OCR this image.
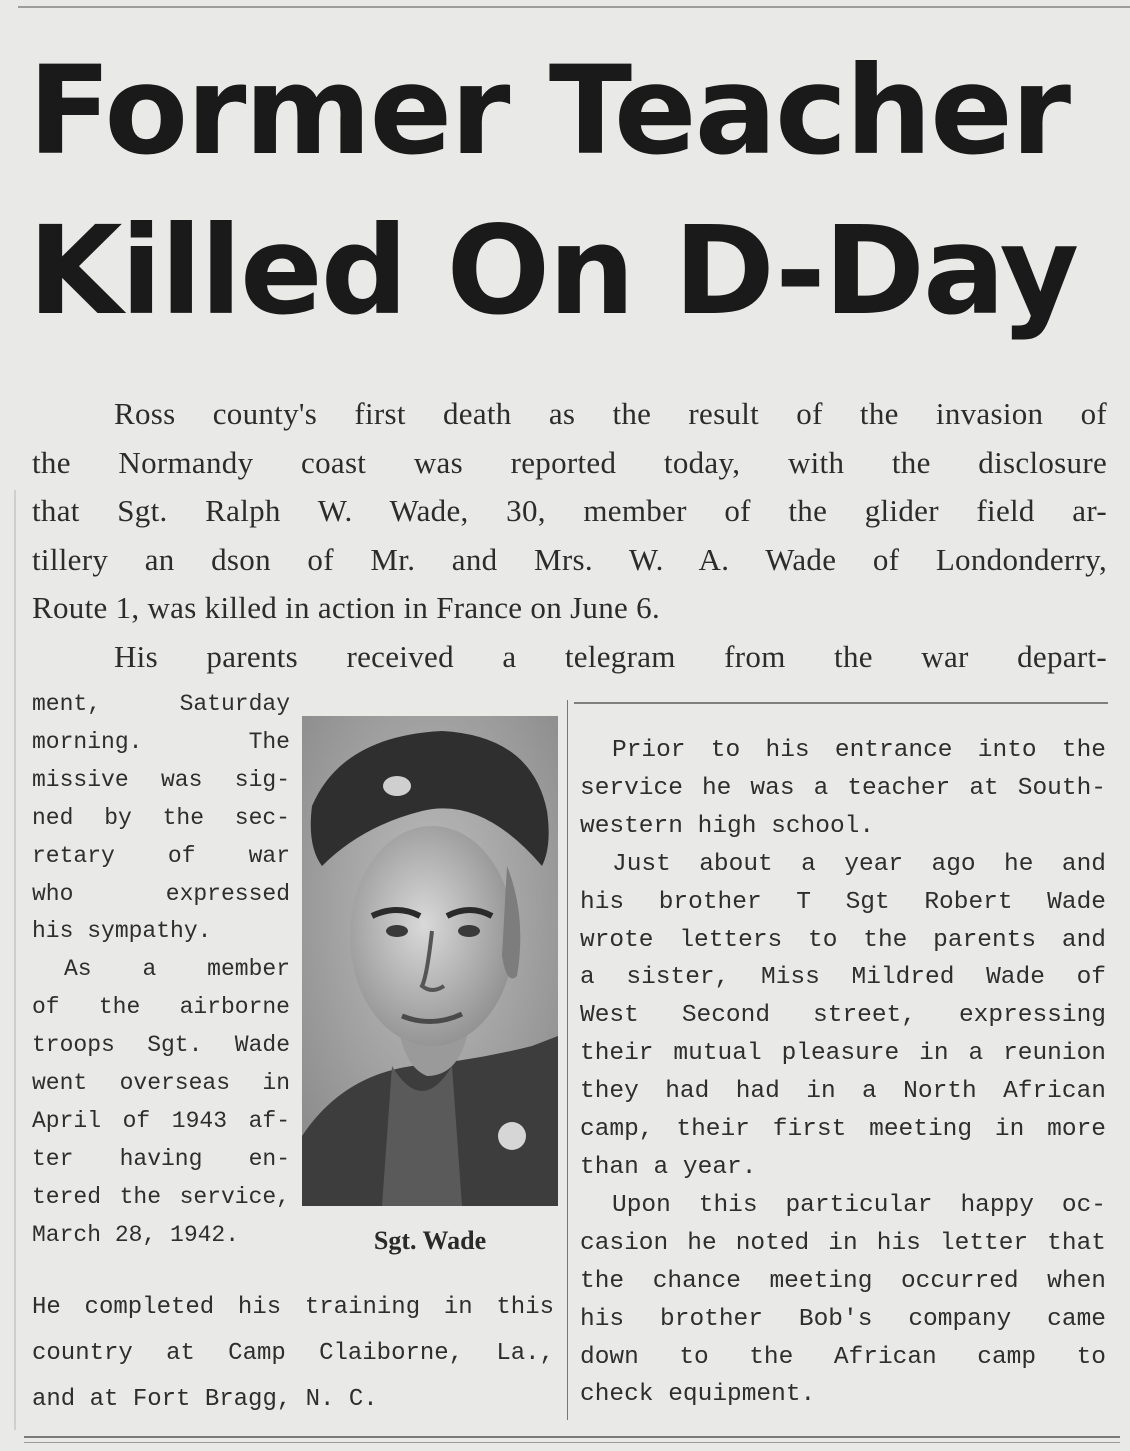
Former Teacher
Killed On D-Day

Ross county's first death as the result of the invasion of

the Normandy coast was reported today, with the disclosure

that Sgt. Ralph W. Wade, 30, member of the glider field ar-

tillery an dson of Mr. and Mrs. W. A. Wade of Londonderry,

Route 1, was killed in action in France on June 6.

His parents received a telegram from the war depart-

ment, Saturday

morning. The

missive was sig-

ned by the sec-

retary of war

who expressed

his sympathy.

As a member

of the airborne

troops Sgt. Wade

went overseas in

April of 1943 af-

ter having en-

tered the service,

March 28, 1942.	Sgt. Wade

He completed his training in this

country at Camp Claiborne, La.,

and at Fort Bragg, N. C.

Prior to his entrance into the

service he was a teacher at South-

western high school.

Just about a year ago he and

his brother T Sgt Robert Wade

wrote letters to the parents and

a sister, Miss Mildred Wade of

West Second street, expressing

their mutual pleasure in a reunion

they had had in a North African

camp, their first meeting in more

than a year.

Upon this particular happy oc-

casion he noted in his letter that

the chance meeting occurred when

his brother Bob's company came

down to the African camp to

check equipment.
